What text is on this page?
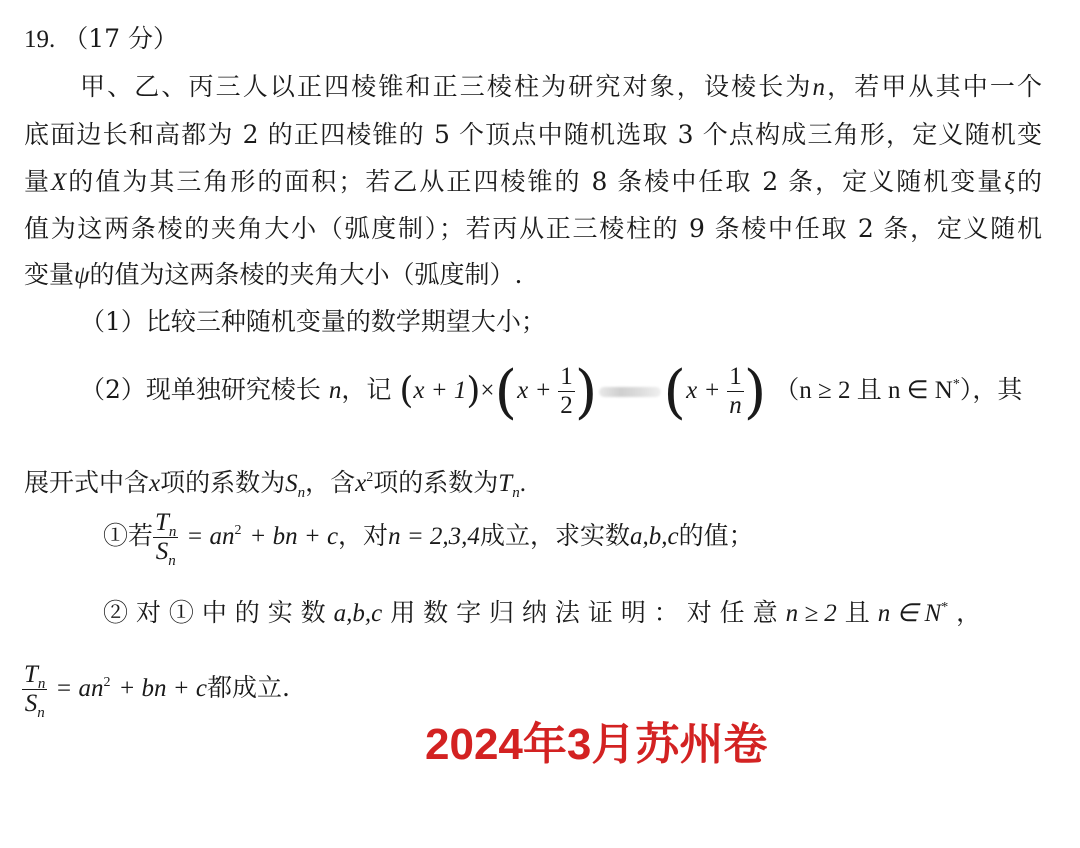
19. （17 分）
甲、乙、丙三人以正四棱锥和正三棱柱为研究对象，设棱长为n，若甲从其中一个
底面边长和高都为 2 的正四棱锥的 5 个顶点中随机选取 3 个点构成三角形，定义随机变
量X的值为其三角形的面积；若乙从正四棱锥的 8 条棱中任取 2 条，定义随机变量ξ的
值为这两条棱的夹角大小（弧度制）；若丙从正三棱柱的 9 条棱中任取 2 条，定义随机
变量ψ的值为这两条棱的夹角大小（弧度制）.
（1）比较三种随机变量的数学期望大小；
（2）现单独研究棱长 n，记 $(x + 1)\times(x + \frac{1}{2}$ ) ($x + \frac{1}{n}$ ) （n ≥ 2 且 n ∈ N*），其
展开式中含x项的系数为$S_n$，含$x^2$项的系数为$T_n$.
①若 $\frac{T_n}{S_n} = an^2$ + bn + c，对n = 2,3,4成立，求实数a,b,c的值；
② 对 ① 中 的 实 数 a,b,c 用 数 字 归 纳 法 证 明 ： 对 任 意 n ≥ 2 且 n ∈ N* ，
$\frac{T_n}{S_n} = an^2$ + bn + c都成立.
2024年3月苏州卷
